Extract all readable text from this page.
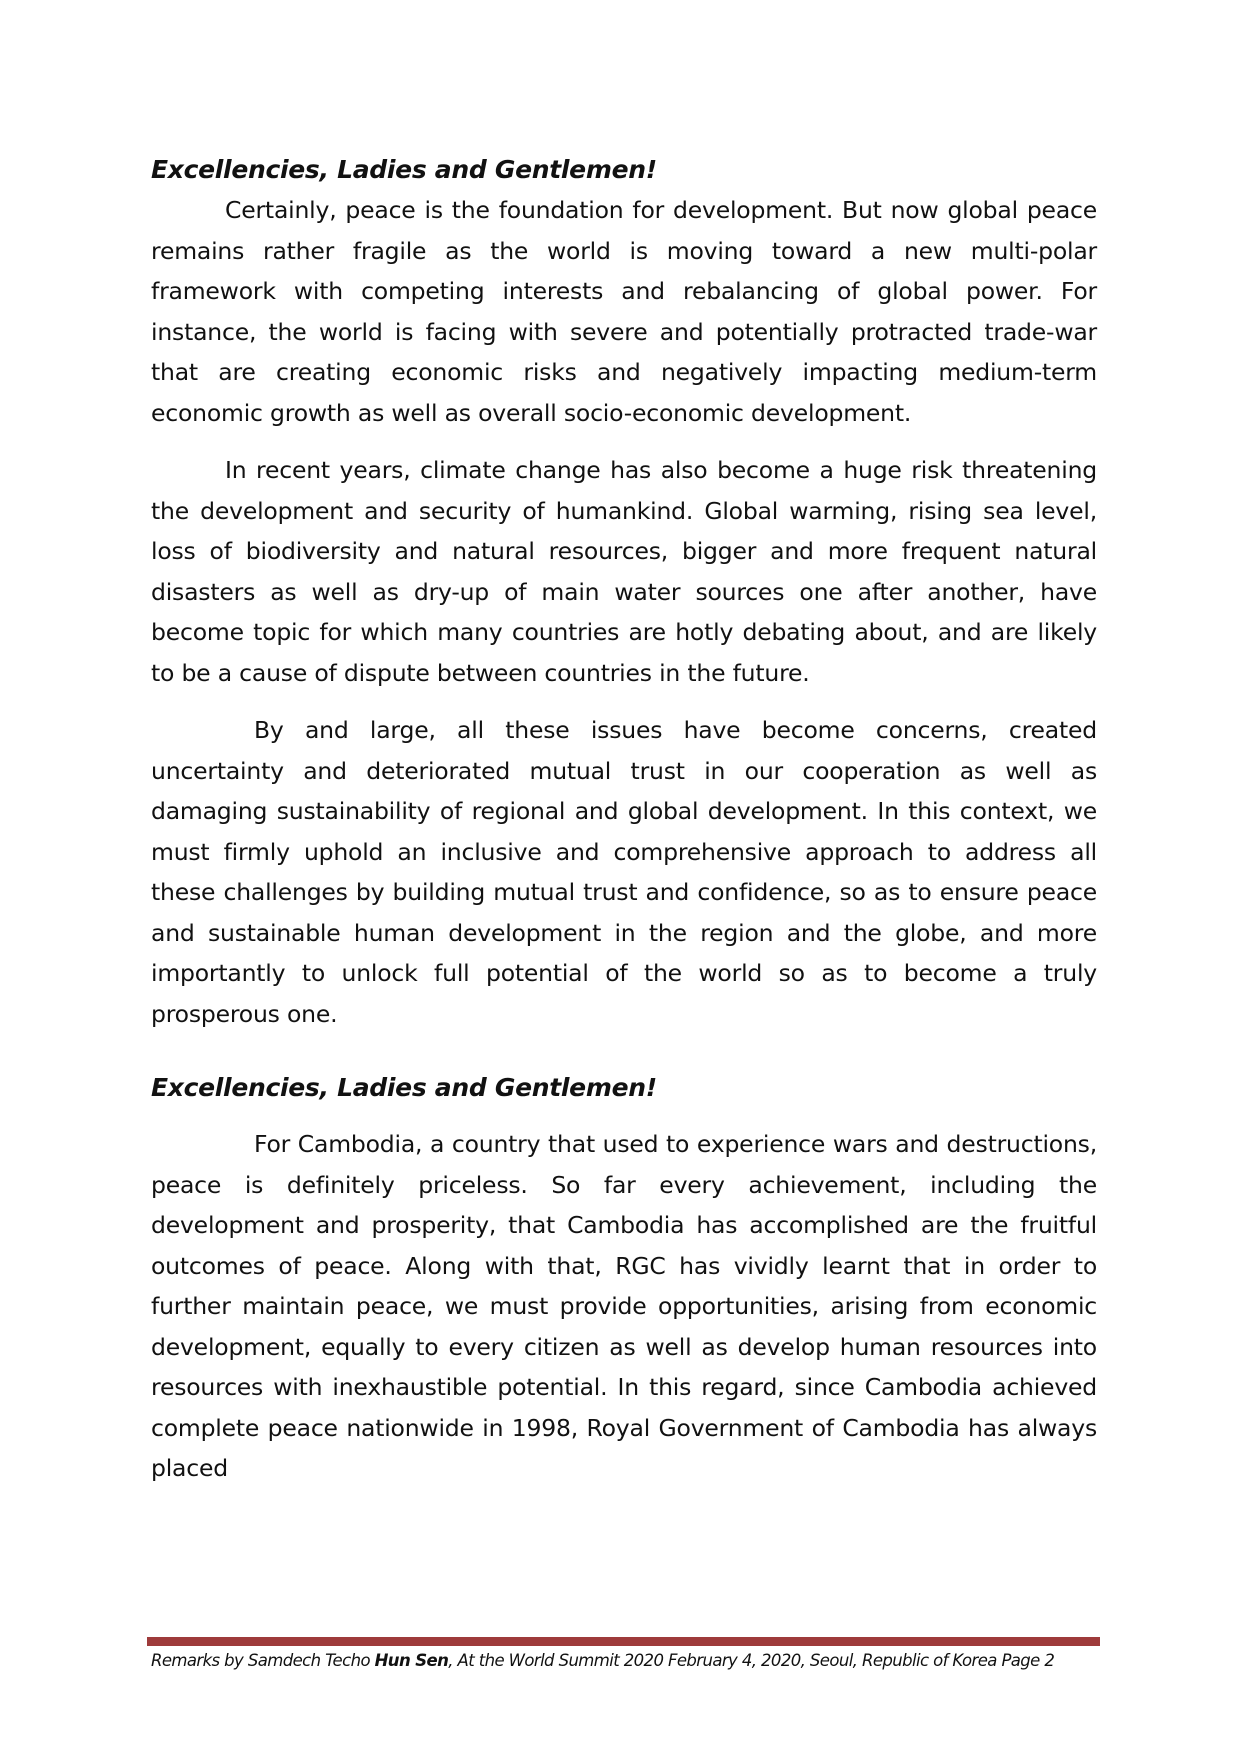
Excellencies, Ladies and Gentlemen!

Certainly, peace is the foundation for development. But now global peace remains rather fragile as the world is moving toward a new multi-polar framework with competing interests and rebalancing of global power. For instance, the world is facing with severe and potentially protracted trade-war that are creating economic risks and negatively impacting medium-term economic growth as well as overall socio-economic development.

In recent years, climate change has also become a huge risk threatening the development and security of humankind. Global warming, rising sea level, loss of biodiversity and natural resources, bigger and more frequent natural disasters as well as dry-up of main water sources one after another, have become topic for which many countries are hotly debating about, and are likely to be a cause of dispute between countries in the future.

By and large, all these issues have become concerns, created uncertainty and deteriorated mutual trust in our cooperation as well as damaging sustainability of regional and global development. In this context, we must firmly uphold an inclusive and comprehensive approach to address all these challenges by building mutual trust and confidence, so as to ensure peace and sustainable human development in the region and the globe, and more importantly to unlock full potential of the world so as to become a truly prosperous one.

Excellencies, Ladies and Gentlemen!

For Cambodia, a country that used to experience wars and destructions, peace is definitely priceless. So far every achievement, including the development and prosperity, that Cambodia has accomplished are the fruitful outcomes of peace. Along with that, RGC has vividly learnt that in order to further maintain peace, we must provide opportunities, arising from economic development, equally to every citizen as well as develop human resources into resources with inexhaustible potential. In this regard, since Cambodia achieved complete peace nationwide in 1998, Royal Government of Cambodia has always placed

Remarks by Samdech Techo Hun Sen, At the World Summit 2020 February 4, 2020, Seoul, Republic of Korea Page 2
